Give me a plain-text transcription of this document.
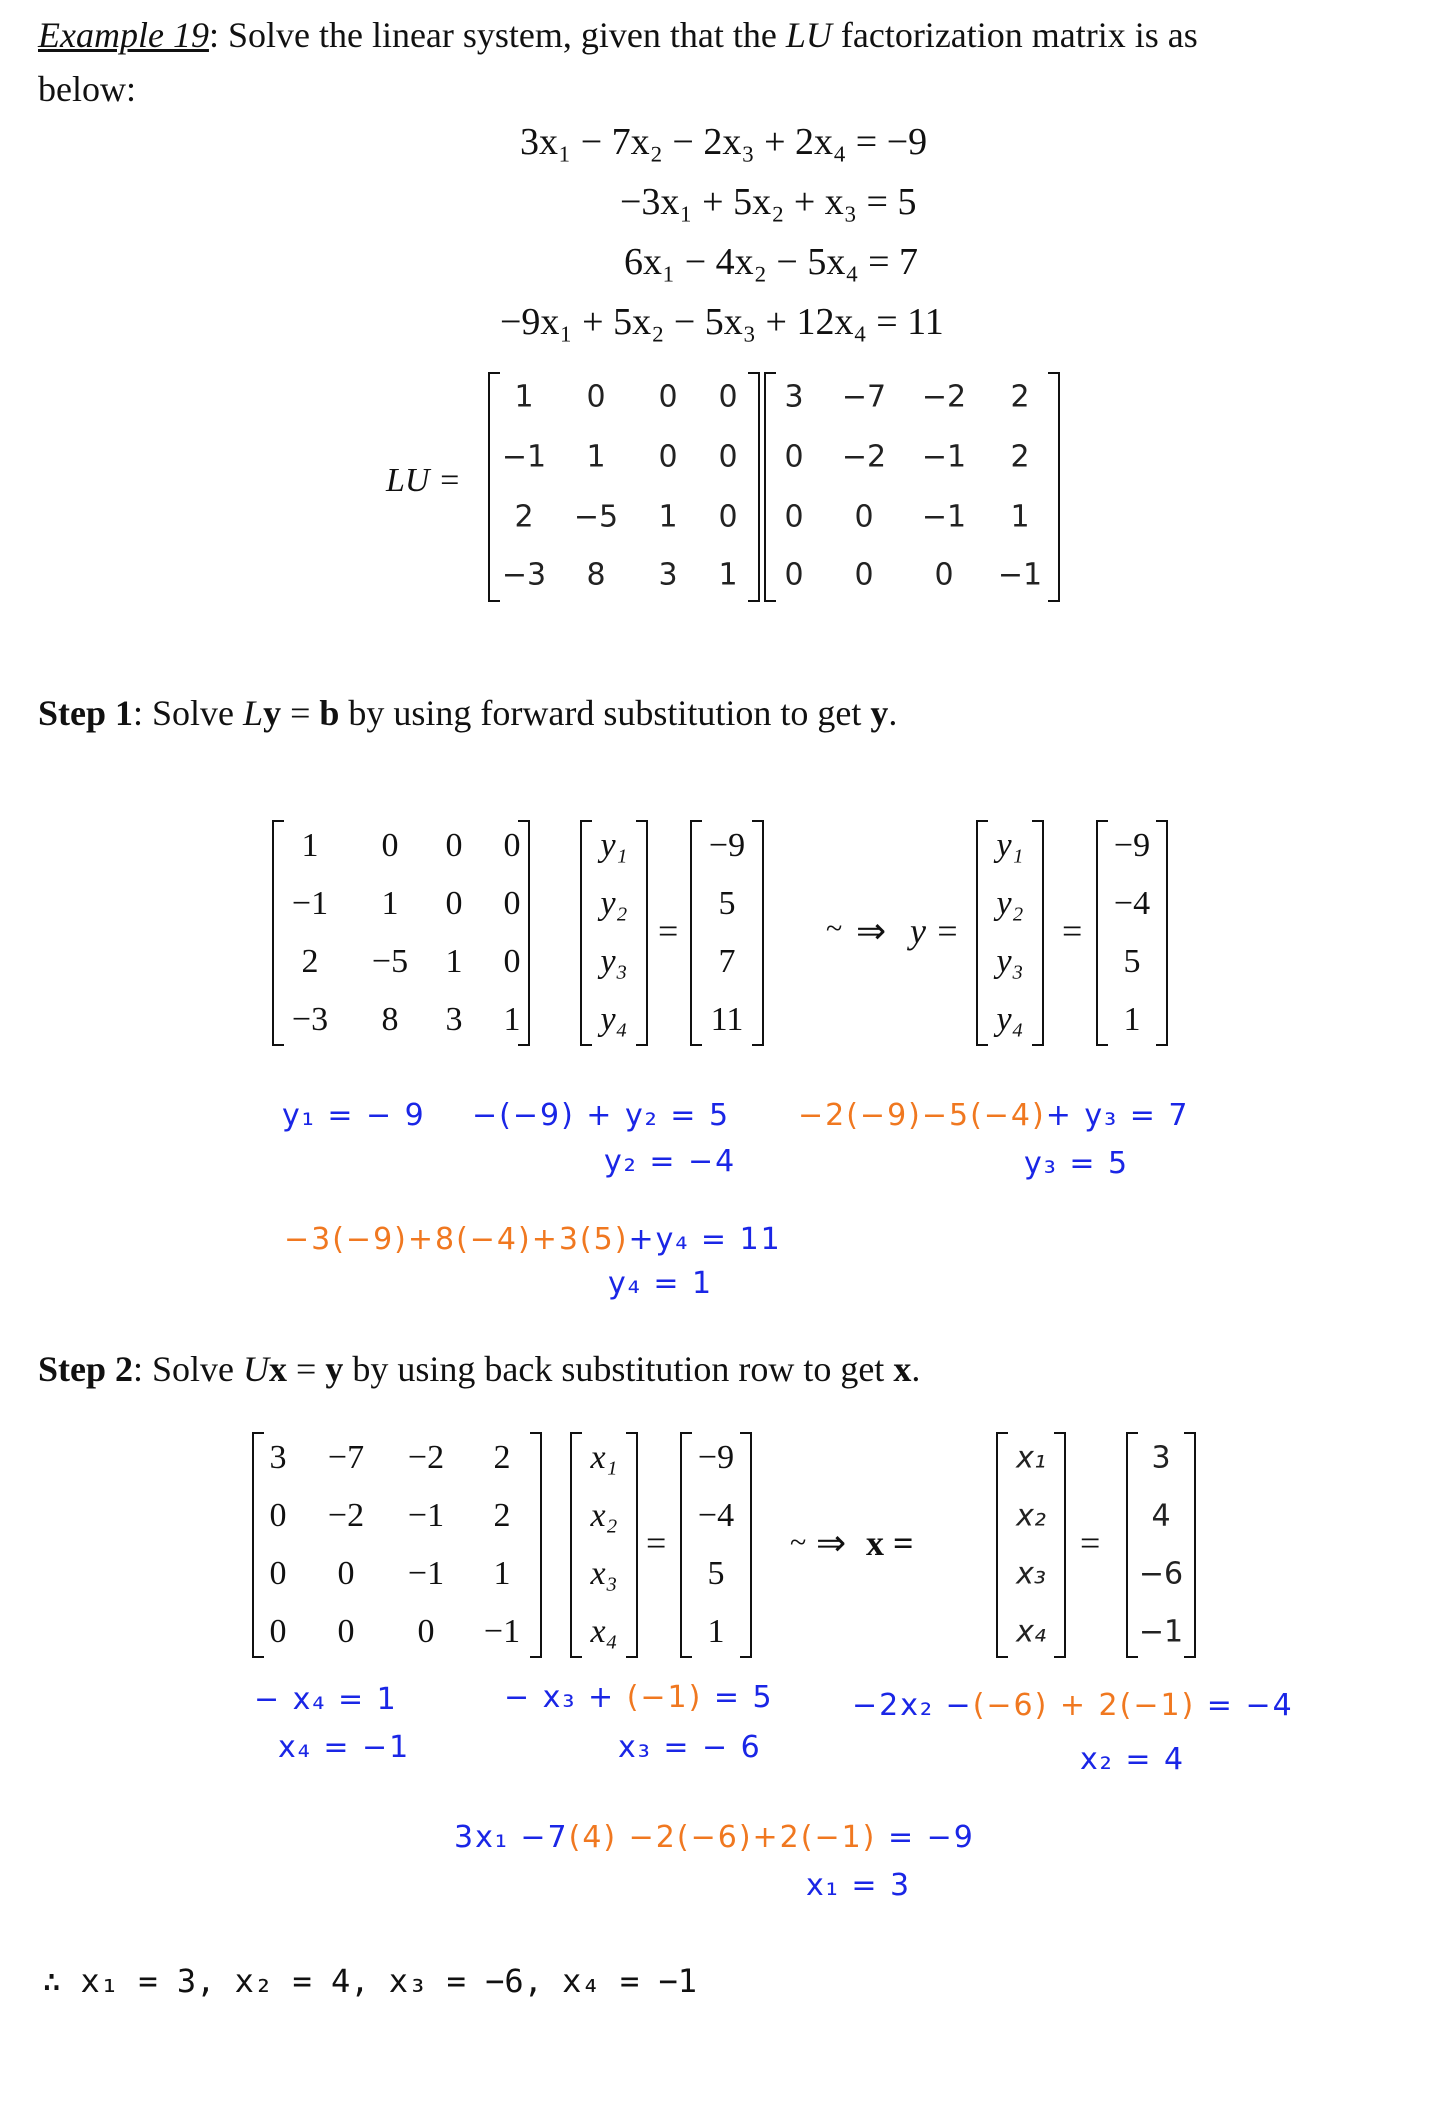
Example 19: Solve the linear system, given that the LU factorization matrix is as
below:
3x₁ − 7x₂ − 2x₃ + 2x₄ = −9
−3x₁ + 5x₂ + x₃ = 5
6x₁ − 4x₂ − 5x₄ = 7
−9x₁ + 5x₂ − 5x₃ + 12x₄ = 11
LU =
1 0 0 0
−1 1 0 0
2 −5 1 0
−3 8 3 1
3 −7 −2 2
0 −2 −1 2
0 0 −1 1
0 0 0 −1
Step 1: Solve Ly = b by using forward substitution to get y.
1 0 0 0
−1 1 0 0
2 −5 1 0
−3 8 3 1
y₁
y₂
y₃
y₄
=
−9
5
7
11
~ ⇒ y =
y₁
y₂
y₃
y₄
=
−9
−4
5
1
y₁ = − 9 −(−9) + y₂ = 5
y₂ = −4
−2(−9)−5(−4)+ y₃ = 7
y₃ = 5
−3(−9)+8(−4)+3(5)+y₄ = 11
y₄ = 1
Step 2: Solve Ux = y by using back substitution row to get x.
3 −7 −2 2
0 −2 −1 2
0 0 −1 1
0 0 0 −1
x₁
x₂
x₃
x₄
=
−9
−4
5
1
~ ⇒ x =
x₁
x₂
x₃
x₄
=
3
4
−6
−1
− x₄ = 1
x₄ = −1
− x₃ + (−1) = 5
x₃ = − 6
−2x₂ −(−6) + 2(−1) = −4
x₂ = 4
3x₁ −7(4) −2(−6)+2(−1) = −9
x₁ = 3
∴ x₁ = 3, x₂ = 4, x₃ = −6, x₄ = −1
